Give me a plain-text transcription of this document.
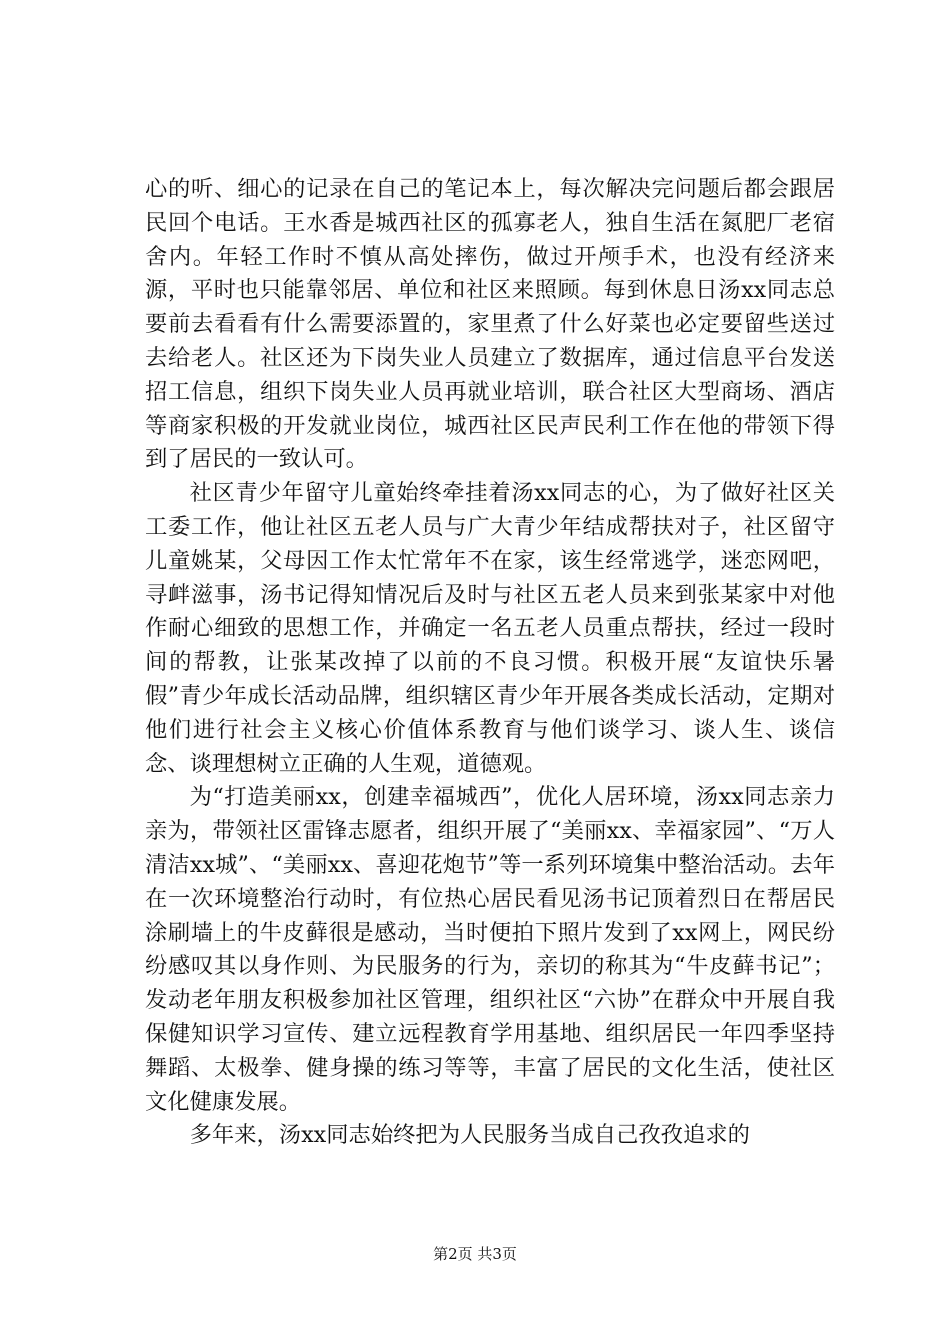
心的听、细心的记录在自己的笔记本上，每次解决完问题后都会跟居民回个电话。王水香是城西社区的孤寡老人，独自生活在氮肥厂老宿舍内。年轻工作时不慎从高处摔伤，做过开颅手术，也没有经济来源，平时也只能靠邻居、单位和社区来照顾。每到休息日汤xx同志总要前去看看有什么需要添置的，家里煮了什么好菜也必定要留些送过去给老人。社区还为下岗失业人员建立了数据库，通过信息平台发送招工信息，组织下岗失业人员再就业培训，联合社区大型商场、酒店等商家积极的开发就业岗位，城西社区民声民利工作在他的带领下得到了居民的一致认可。

社区青少年留守儿童始终牵挂着汤xx同志的心，为了做好社区关工委工作，他让社区五老人员与广大青少年结成帮扶对子，社区留守儿童姚某，父母因工作太忙常年不在家，该生经常逃学，迷恋网吧，寻衅滋事，汤书记得知情况后及时与社区五老人员来到张某家中对他作耐心细致的思想工作，并确定一名五老人员重点帮扶，经过一段时间的帮教，让张某改掉了以前的不良习惯。积极开展“友谊快乐暑假”青少年成长活动品牌，组织辖区青少年开展各类成长活动，定期对他们进行社会主义核心价值体系教育与他们谈学习、谈人生、谈信念、谈理想树立正确的人生观，道德观。

为“打造美丽xx，创建幸福城西”，优化人居环境，汤xx同志亲力亲为，带领社区雷锋志愿者，组织开展了“美丽xx、幸福家园”、“万人清洁xx城”、“美丽xx、喜迎花炮节”等一系列环境集中整治活动。去年在一次环境整治行动时，有位热心居民看见汤书记顶着烈日在帮居民涂刷墙上的牛皮藓很是感动，当时便拍下照片发到了xx网上，网民纷纷感叹其以身作则、为民服务的行为，亲切的称其为“牛皮藓书记”；发动老年朋友积极参加社区管理，组织社区“六协”在群众中开展自我保健知识学习宣传、建立远程教育学用基地、组织居民一年四季坚持舞蹈、太极拳、健身操的练习等等，丰富了居民的文化生活，使社区文化健康发展。

多年来，汤xx同志始终把为人民服务当成自己孜孜追求的

第2页 共3页
